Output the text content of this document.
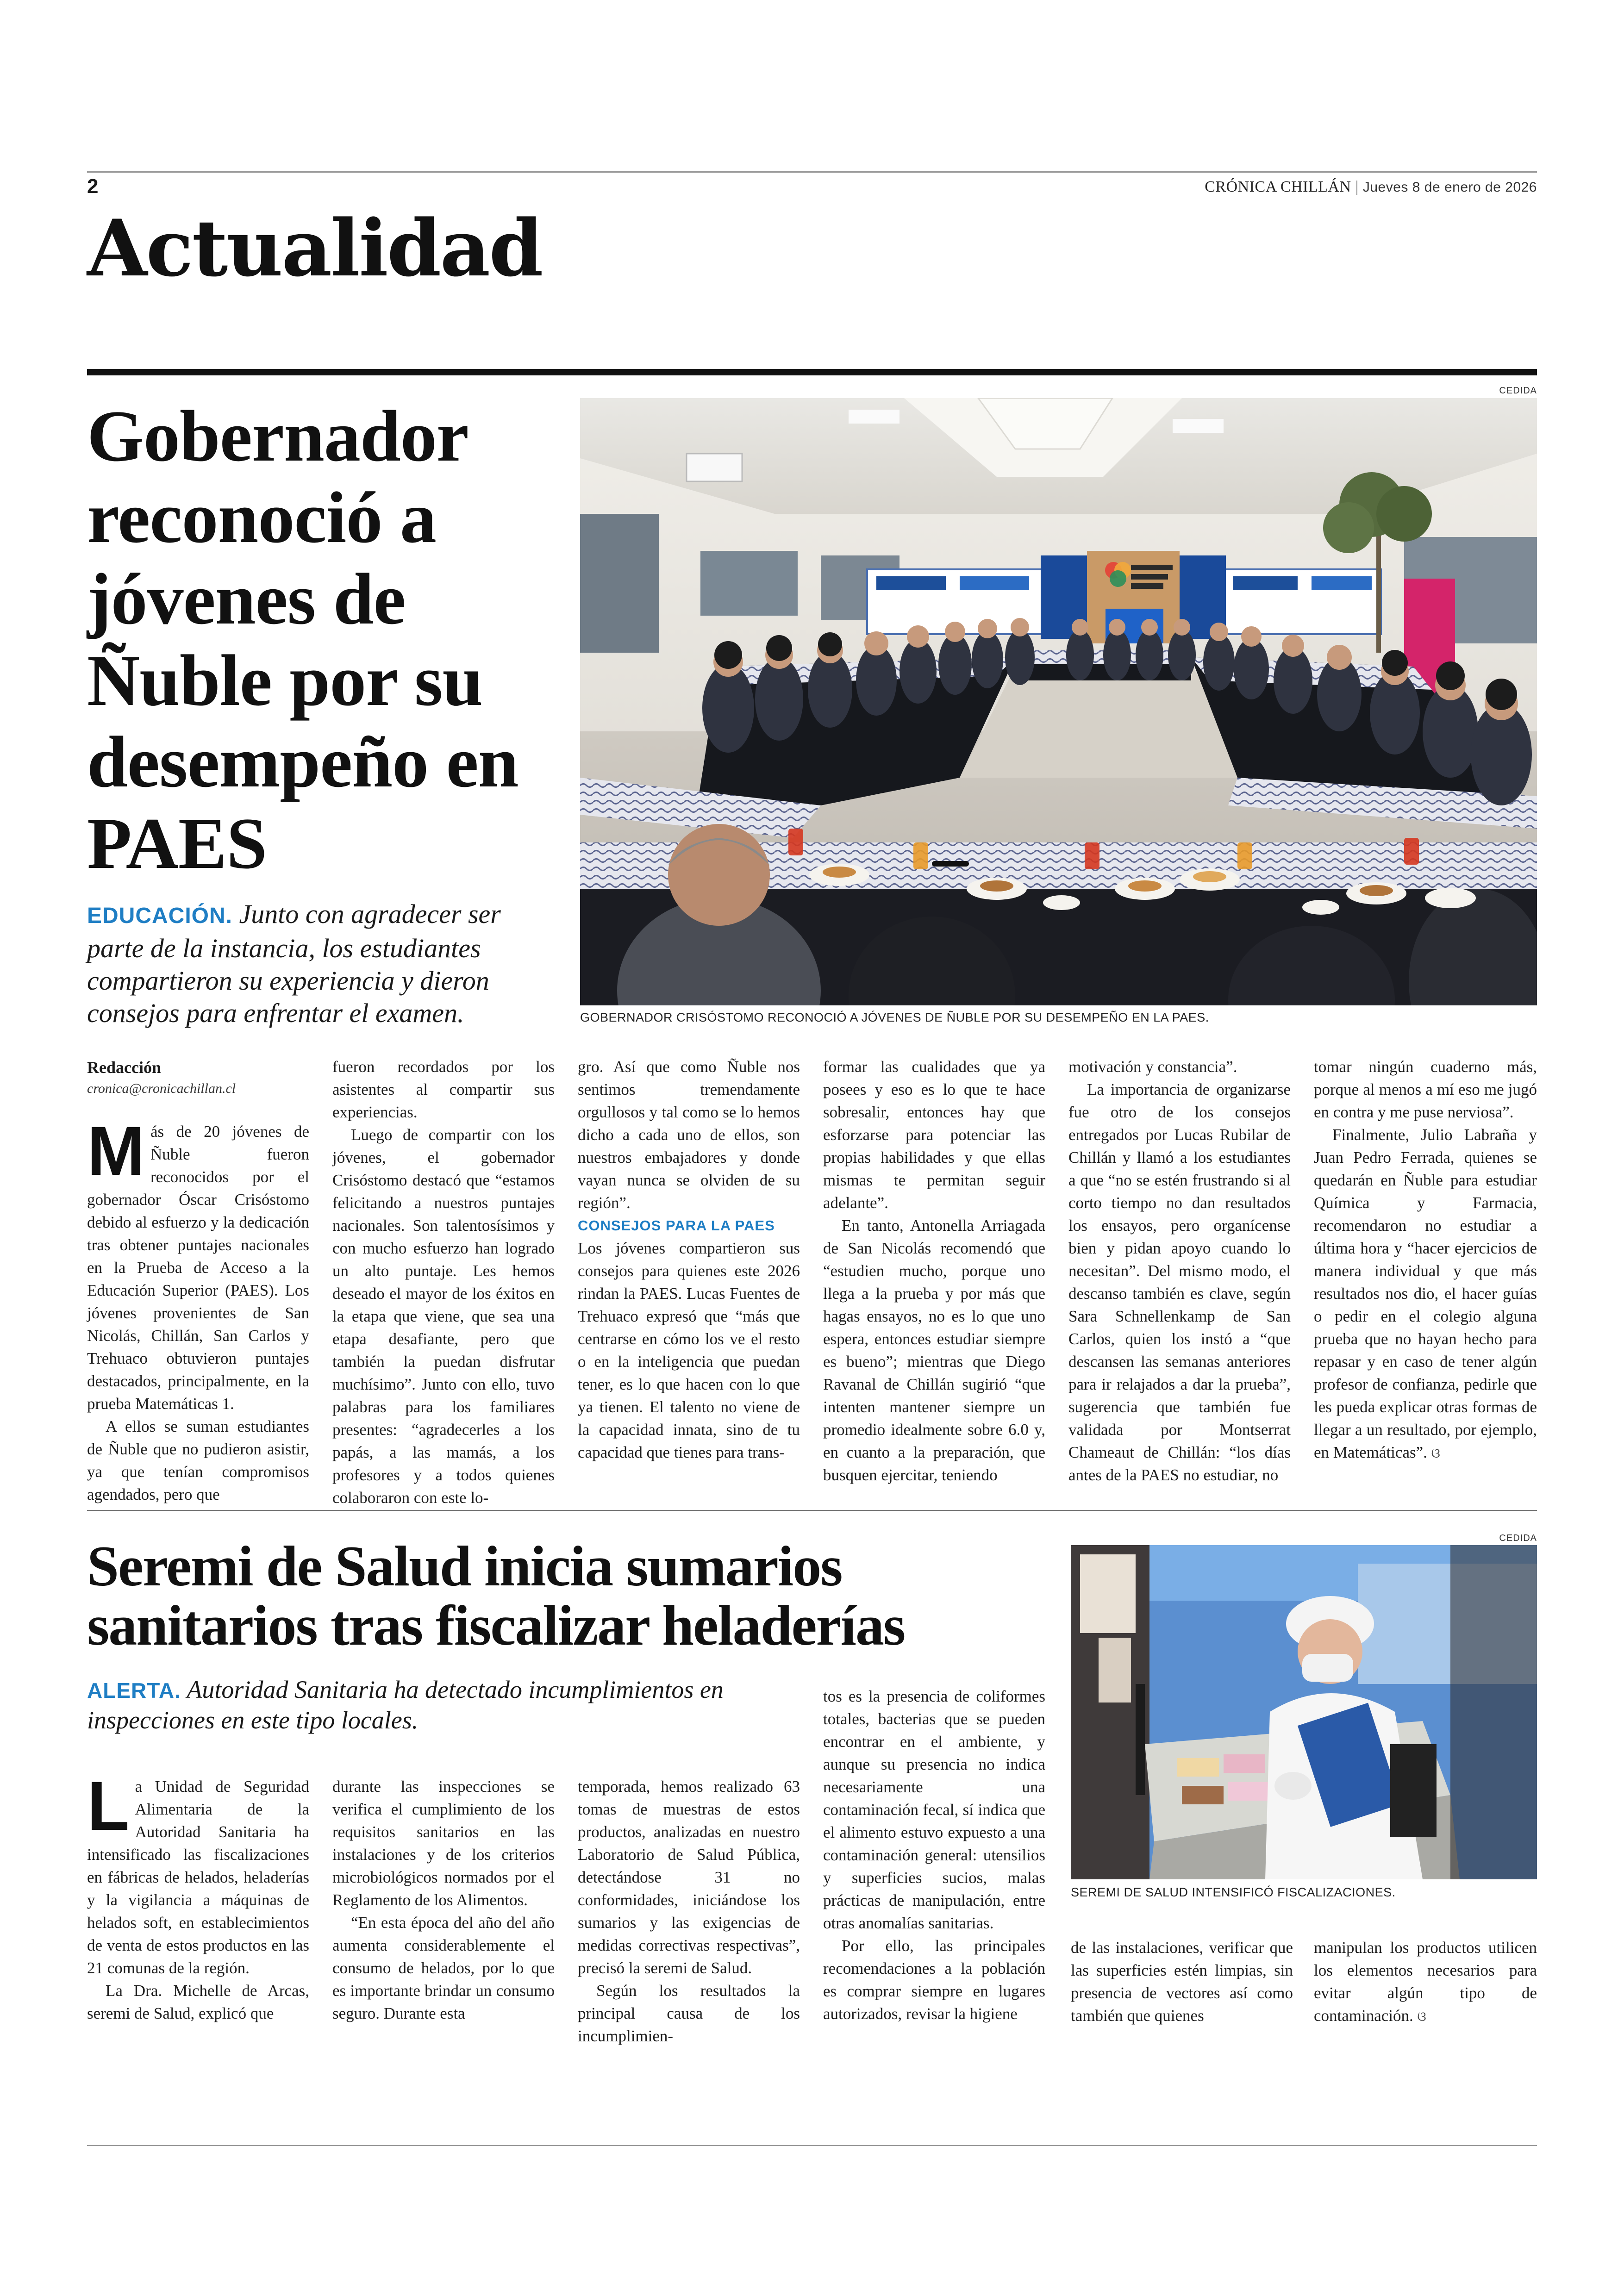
2	CRÓNICA CHILLÁN | Jueves 8 de enero de 2026
Actualidad
Gobernador reconoció a jóvenes de Ñuble por su desempeño en PAES
EDUCACIÓN. Junto con agradecer ser parte de la instancia, los estudiantes compartieron su experiencia y dieron consejos para enfrentar el examen.
CEDIDA
GOBERNADOR CRISÓSTOMO RECONOCIÓ A JÓVENES DE ÑUBLE POR SU DESEMPEÑO EN LA PAES.
Redacción
cronica@cronicachillan.cl

Más de 20 jóvenes de Ñuble fueron reconocidos por el gobernador Óscar Crisóstomo debido al esfuerzo y la dedicación tras obtener puntajes nacionales en la Prueba de Acceso a la Educación Superior (PAES). Los jóvenes provenientes de San Nicolás, Chillán, San Carlos y Trehuaco obtuvieron puntajes destacados, principalmente, en la prueba Matemáticas 1.

A ellos se suman estudiantes de Ñuble que no pudieron asistir, ya que tenían compromisos agendados, pero que

fueron recordados por los asistentes al compartir sus experiencias.

Luego de compartir con los jóvenes, el gobernador Crisóstomo destacó que “estamos felicitando a nuestros puntajes nacionales. Son talentosísimos y con mucho esfuerzo han logrado un alto puntaje. Les hemos deseado el mayor de los éxitos en la etapa que viene, que sea una etapa desafiante, pero que también la puedan disfrutar muchísimo”. Junto con ello, tuvo palabras para los familiares presentes: “agradecerles a los papás, a las mamás, a los profesores y a todos quienes colaboraron con este lo-

gro. Así que como Ñuble nos sentimos tremendamente orgullosos y tal como se lo hemos dicho a cada uno de ellos, son nuestros embajadores y donde vayan nunca se olviden de su región”.

CONSEJOS PARA LA PAES

Los jóvenes compartieron sus consejos para quienes este 2026 rindan la PAES. Lucas Fuentes de Trehuaco expresó que “más que centrarse en cómo los ve el resto o en la inteligencia que puedan tener, es lo que hacen con lo que ya tienen. El talento no viene de la capacidad innata, sino de tu capacidad que tienes para trans-

formar las cualidades que ya posees y eso es lo que te hace sobresalir, entonces hay que esforzarse para potenciar las propias habilidades y que ellas mismas te permitan seguir adelante”.

En tanto, Antonella Arriagada de San Nicolás recomendó que “estudien mucho, porque uno llega a la prueba y por más que hagas ensayos, no es lo que uno espera, entonces estudiar siempre es bueno”; mientras que Diego Ravanal de Chillán sugirió “que intenten mantener siempre un promedio idealmente sobre 6.0 y, en cuanto a la preparación, que busquen ejercitar, teniendo

motivación y constancia”.

La importancia de organizarse fue otro de los consejos entregados por Lucas Rubilar de Chillán y llamó a los estudiantes a que “no se estén frustrando si al corto tiempo no dan resultados los ensayos, pero organícense bien y pidan apoyo cuando lo necesitan”. Del mismo modo, el descanso también es clave, según Sara Schnellenkamp de San Carlos, quien los instó a “que descansen las semanas anteriores para ir relajados a dar la prueba”, sugerencia que también fue validada por Montserrat Chameaut de Chillán: “los días antes de la PAES no estudiar, no

tomar ningún cuaderno más, porque al menos a mí eso me jugó en contra y me puse nerviosa”.

Finalmente, Julio Labraña y Juan Pedro Ferrada, quienes se quedarán en Ñuble para estudiar Química y Farmacia, recomendaron no estudiar a última hora y “hacer ejercicios de manera individual y que más resultados nos dio, el hacer guías o pedir en el colegio alguna prueba que no hayan hecho para repasar y en caso de tener algún profesor de confianza, pedirle que les pueda explicar otras formas de llegar a un resultado, por ejemplo, en Matemáticas”. ଓ

Seremi de Salud inicia sumarios sanitarios tras fiscalizar heladerías
ALERTA. Autoridad Sanitaria ha detectado incumplimientos en inspecciones en este tipo locales.
CEDIDA
SEREMI DE SALUD INTENSIFICÓ FISCALIZACIONES.

La Unidad de Seguridad Alimentaria de la Autoridad Sanitaria ha intensificado las fiscalizaciones en fábricas de helados, heladerías y la vigilancia a máquinas de helados soft, en establecimientos de venta de estos productos en las 21 comunas de la región.

La Dra. Michelle de Arcas, seremi de Salud, explicó que

durante las inspecciones se verifica el cumplimiento de los requisitos sanitarios en las instalaciones y de los criterios microbiológicos normados por el Reglamento de los Alimentos.

“En esta época del año del año aumenta considerablemente el consumo de helados, por lo que es importante brindar un consumo seguro. Durante esta

temporada, hemos realizado 63 tomas de muestras de estos productos, analizadas en nuestro Laboratorio de Salud Pública, detectándose 31 no conformidades, iniciándose los sumarios y las exigencias de medidas correctivas respectivas”, precisó la seremi de Salud.

Según los resultados la principal causa de los incumplimien-

tos es la presencia de coliformes totales, bacterias que se pueden encontrar en el ambiente, y aunque su presencia no indica necesariamente una contaminación fecal, sí indica que el alimento estuvo expuesto a una contaminación general: utensilios y superficies sucios, malas prácticas de manipulación, entre otras anomalías sanitarias.

Por ello, las principales recomendaciones a la población es comprar siempre en lugares autorizados, revisar la higiene

de las instalaciones, verificar que las superficies estén limpias, sin presencia de vectores así como también que quienes

manipulan los productos utilicen los elementos necesarios para evitar algún tipo de contaminación. ଓ
